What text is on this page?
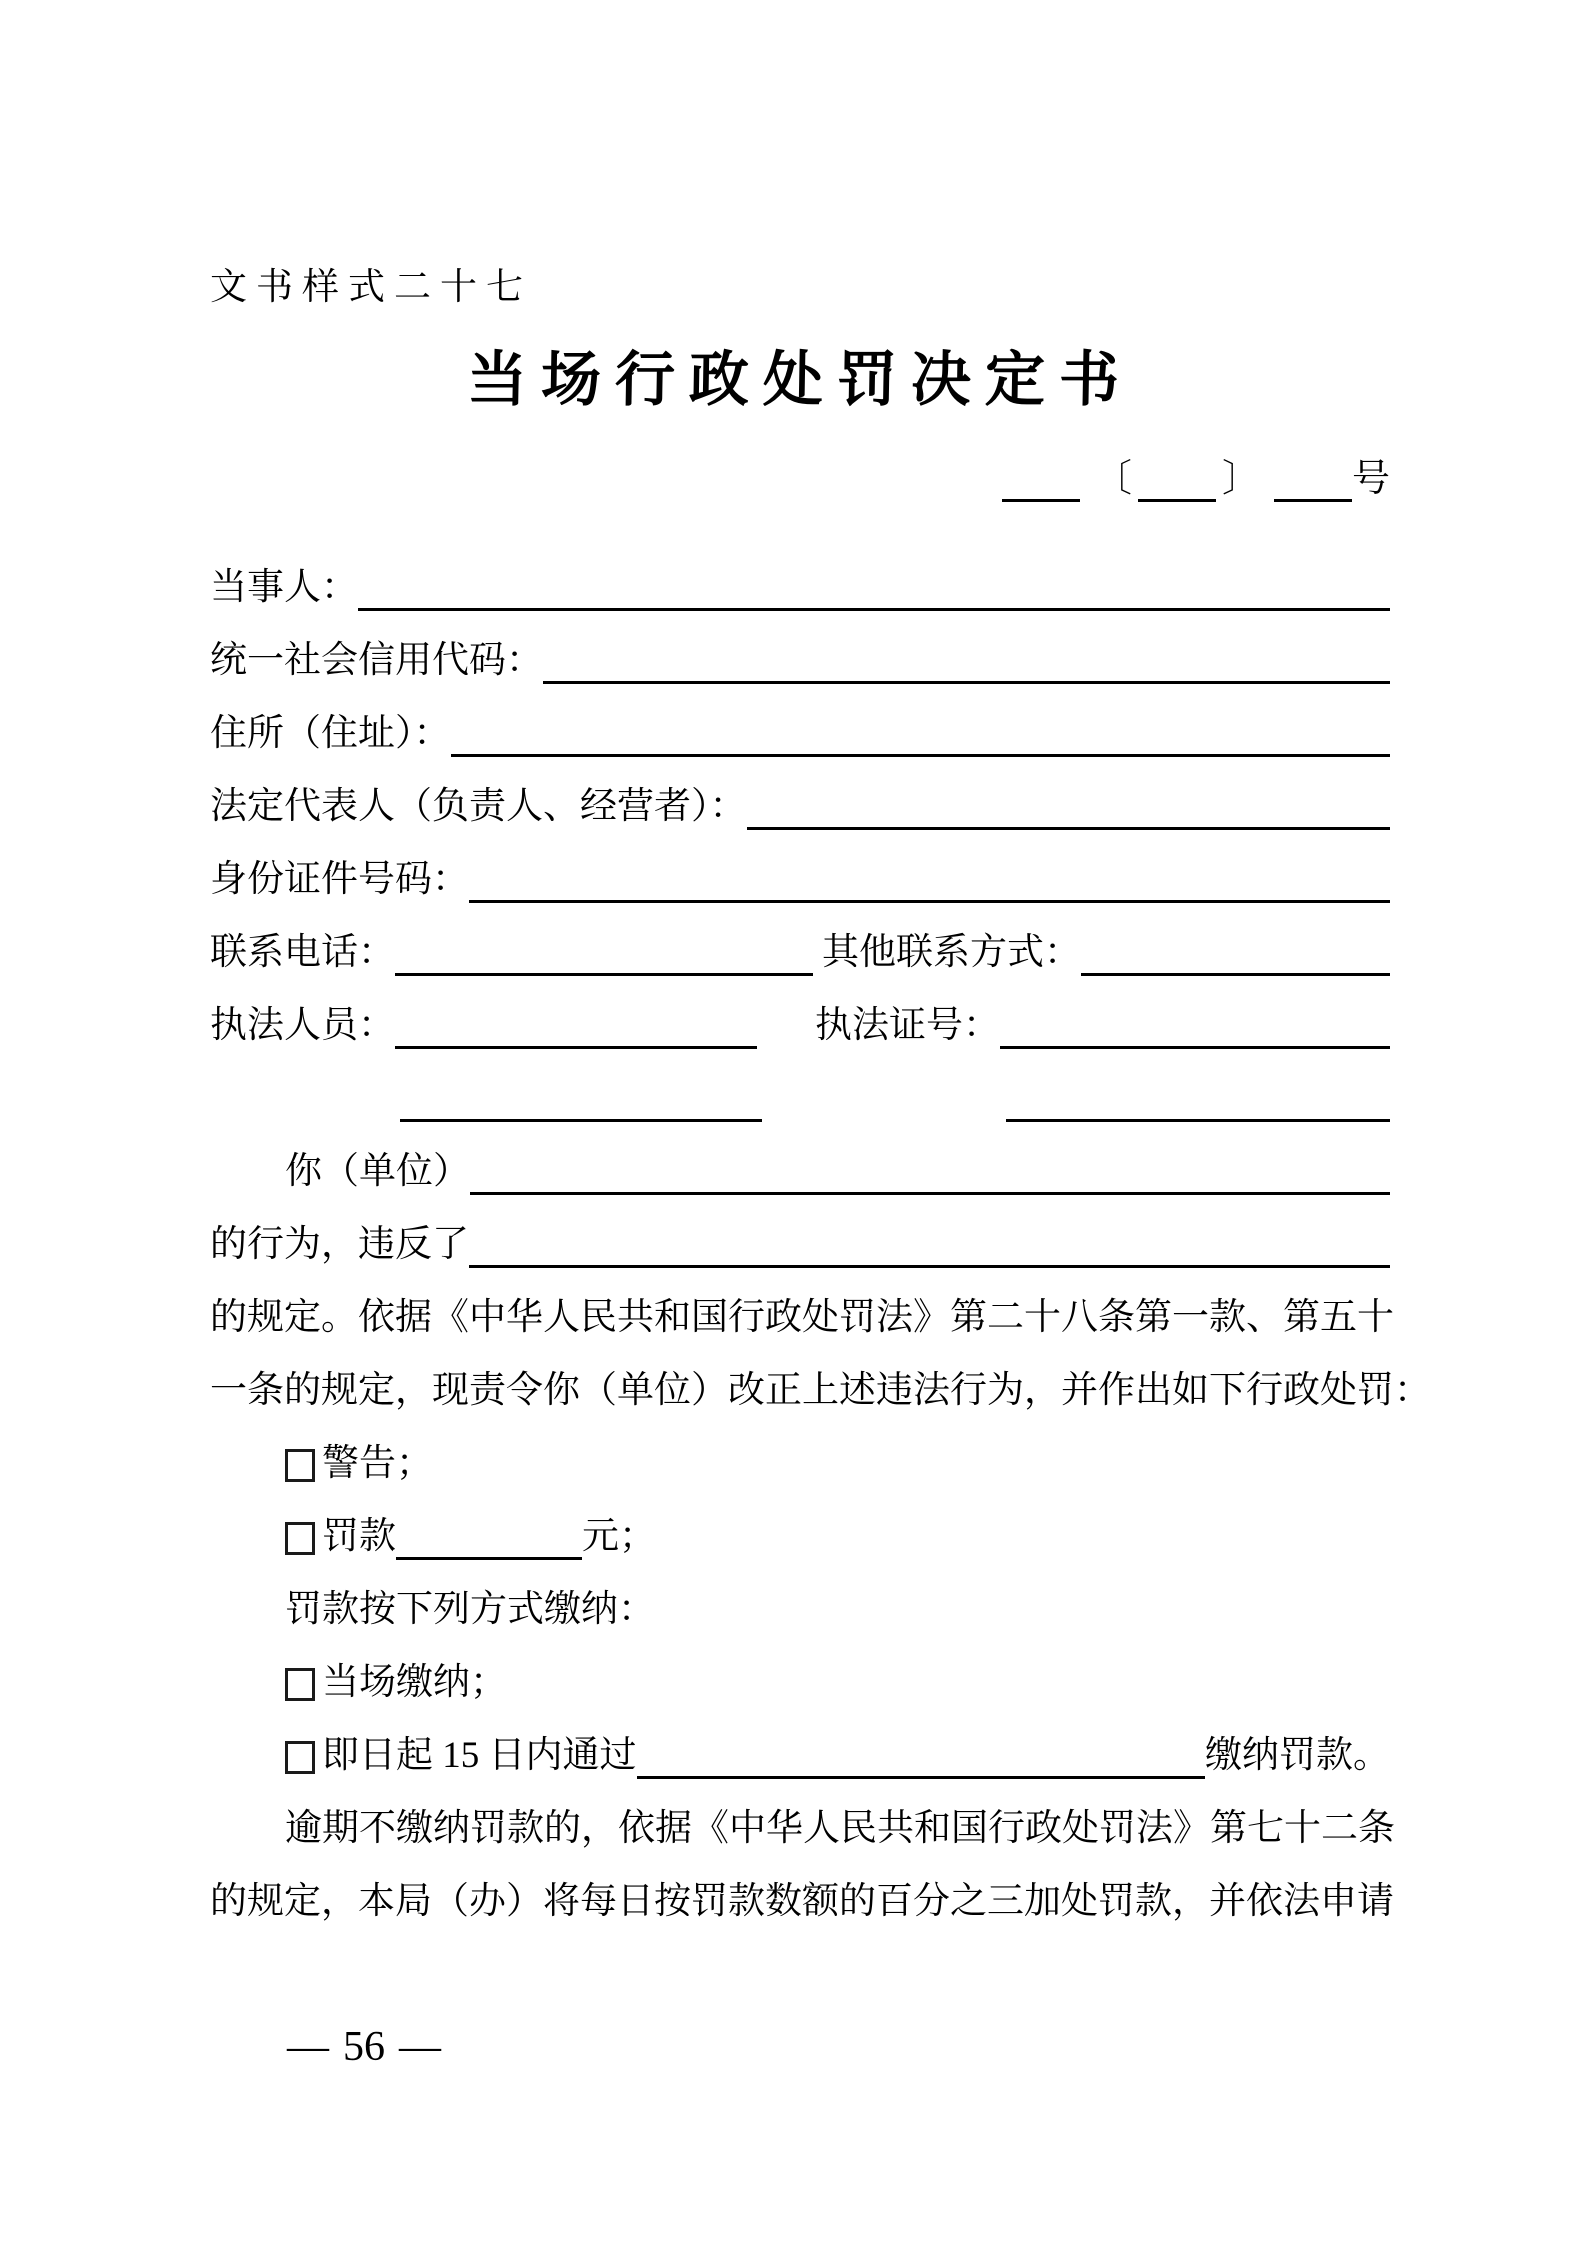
文书样式二十七
当场行政处罚决定书
〔 〕 号
当事人：
统一社会信用代码：
住所（住址）：
法定代表人（负责人、经营者）：
身份证件号码：
联系电话：	其他联系方式：
执法人员：	执法证号：
你（单位）
的行为，违反了
的规定。依据《中华人民共和国行政处罚法》第二十八条第一款、第五十
一条的规定，现责令你（单位）改正上述违法行为，并作出如下行政处罚：
警告；
罚款	元；
罚款按下列方式缴纳：
当场缴纳；
即日起 15 日内通过	缴纳罚款。
逾期不缴纳罚款的，依据《中华人民共和国行政处罚法》第七十二条
的规定，本局（办）将每日按罚款数额的百分之三加处罚款，并依法申请
— 56 —
